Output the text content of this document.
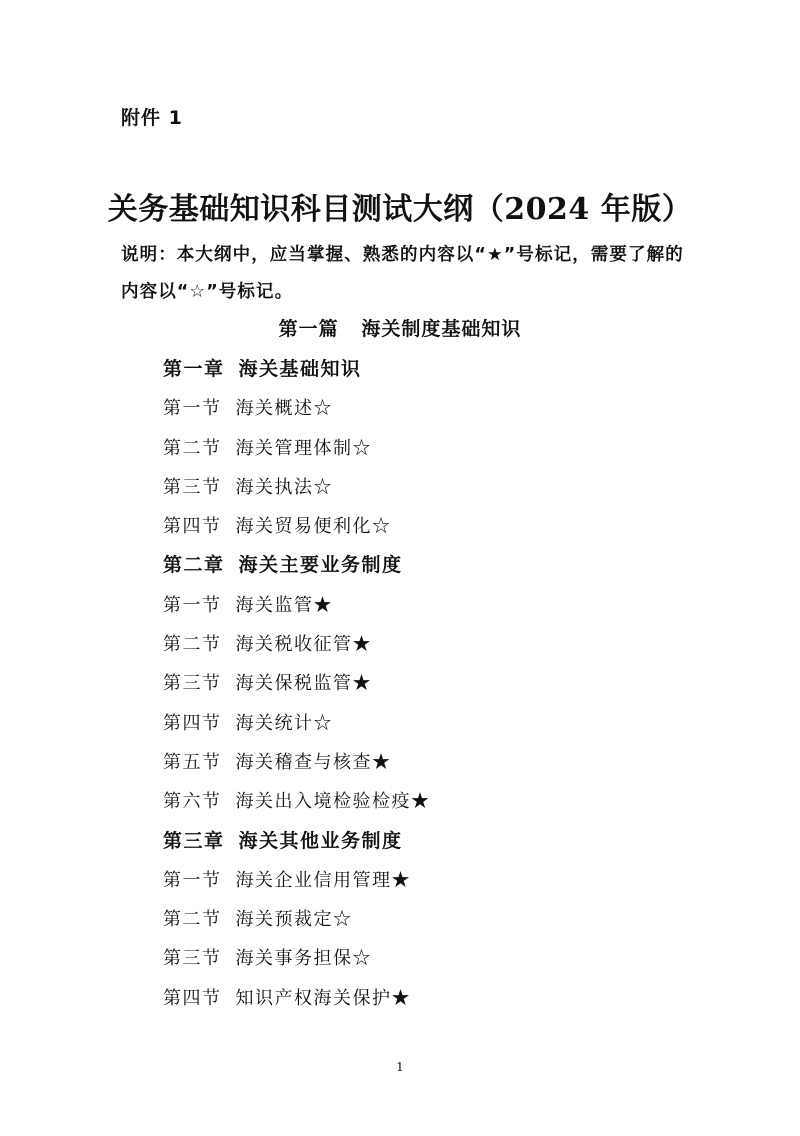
附件 1
关务基础知识科目测试大纲（2024 年版）
说明：本大纲中，应当掌握、熟悉的内容以“★”号标记，需要了解的内容以“☆”号标记。
第一篇   海关制度基础知识
第一章 海关基础知识
第一节 海关概述☆
第二节 海关管理体制☆
第三节 海关执法☆
第四节 海关贸易便利化☆
第二章 海关主要业务制度
第一节 海关监管★
第二节 海关税收征管★
第三节 海关保税监管★
第四节 海关统计☆
第五节 海关稽查与核查★
第六节 海关出入境检验检疫★
第三章 海关其他业务制度
第一节 海关企业信用管理★
第二节 海关预裁定☆
第三节 海关事务担保☆
第四节 知识产权海关保护★
1
